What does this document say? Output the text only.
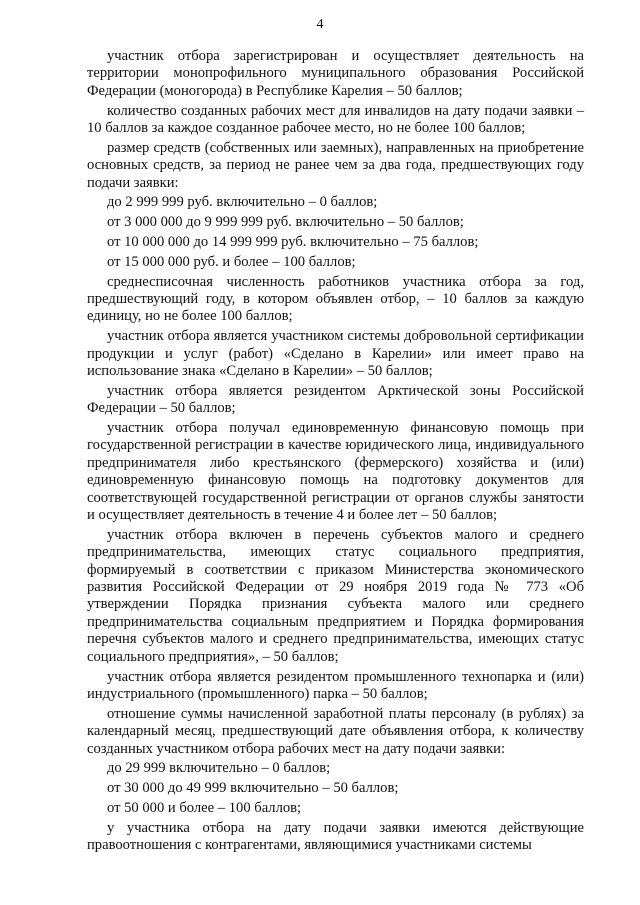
4

участник отбора зарегистрирован и осуществляет деятельность на территории монопрофильного муниципального образования Российской Федерации (моногорода) в Республике Карелия – 50 баллов;

количество созданных рабочих мест для инвалидов на дату подачи заявки – 10 баллов за каждое созданное рабочее место, но не более 100 баллов;

размер средств (собственных или заемных), направленных на приобретение основных средств, за период не ранее чем за два года, предшествующих году подачи заявки:

до 2 999 999 руб. включительно – 0 баллов;

от 3 000 000 до 9 999 999 руб. включительно – 50 баллов;

от 10 000 000 до 14 999 999 руб. включительно – 75 баллов;

от 15 000 000 руб. и более – 100 баллов;

среднесписочная численность работников участника отбора за год, предшествующий году, в котором объявлен отбор, – 10 баллов за каждую единицу, но не более 100 баллов;

участник отбора является участником системы добровольной сертификации продукции и услуг (работ) «Сделано в Карелии» или имеет право на использование знака «Сделано в Карелии» – 50 баллов;

участник отбора является резидентом Арктической зоны Российской Федерации – 50 баллов;

участник отбора получал единовременную финансовую помощь при государственной регистрации в качестве юридического лица, индивидуального предпринимателя либо крестьянского (фермерского) хозяйства и (или) единовременную финансовую помощь на подготовку документов для соответствующей государственной регистрации от органов службы занятости и осуществляет деятельность в течение 4 и более лет – 50 баллов;

участник отбора включен в перечень субъектов малого и среднего предпринимательства, имеющих статус социального предприятия, формируемый в соответствии с приказом Министерства экономического развития Российской Федерации от 29 ноября 2019 года № 773 «Об утверждении Порядка признания субъекта малого или среднего предпринимательства социальным предприятием и Порядка формирования перечня субъектов малого и среднего предпринимательства, имеющих статус социального предприятия», – 50 баллов;

участник отбора является резидентом промышленного технопарка и (или) индустриального (промышленного) парка – 50 баллов;

отношение суммы начисленной заработной платы персоналу (в рублях) за календарный месяц, предшествующий дате объявления отбора, к количеству созданных участником отбора рабочих мест на дату подачи заявки:

до 29 999 включительно – 0 баллов;

от 30 000 до 49 999 включительно – 50 баллов;

от 50 000 и более – 100 баллов;

у участника отбора на дату подачи заявки имеются действующие правоотношения с контрагентами, являющимися участниками системы
